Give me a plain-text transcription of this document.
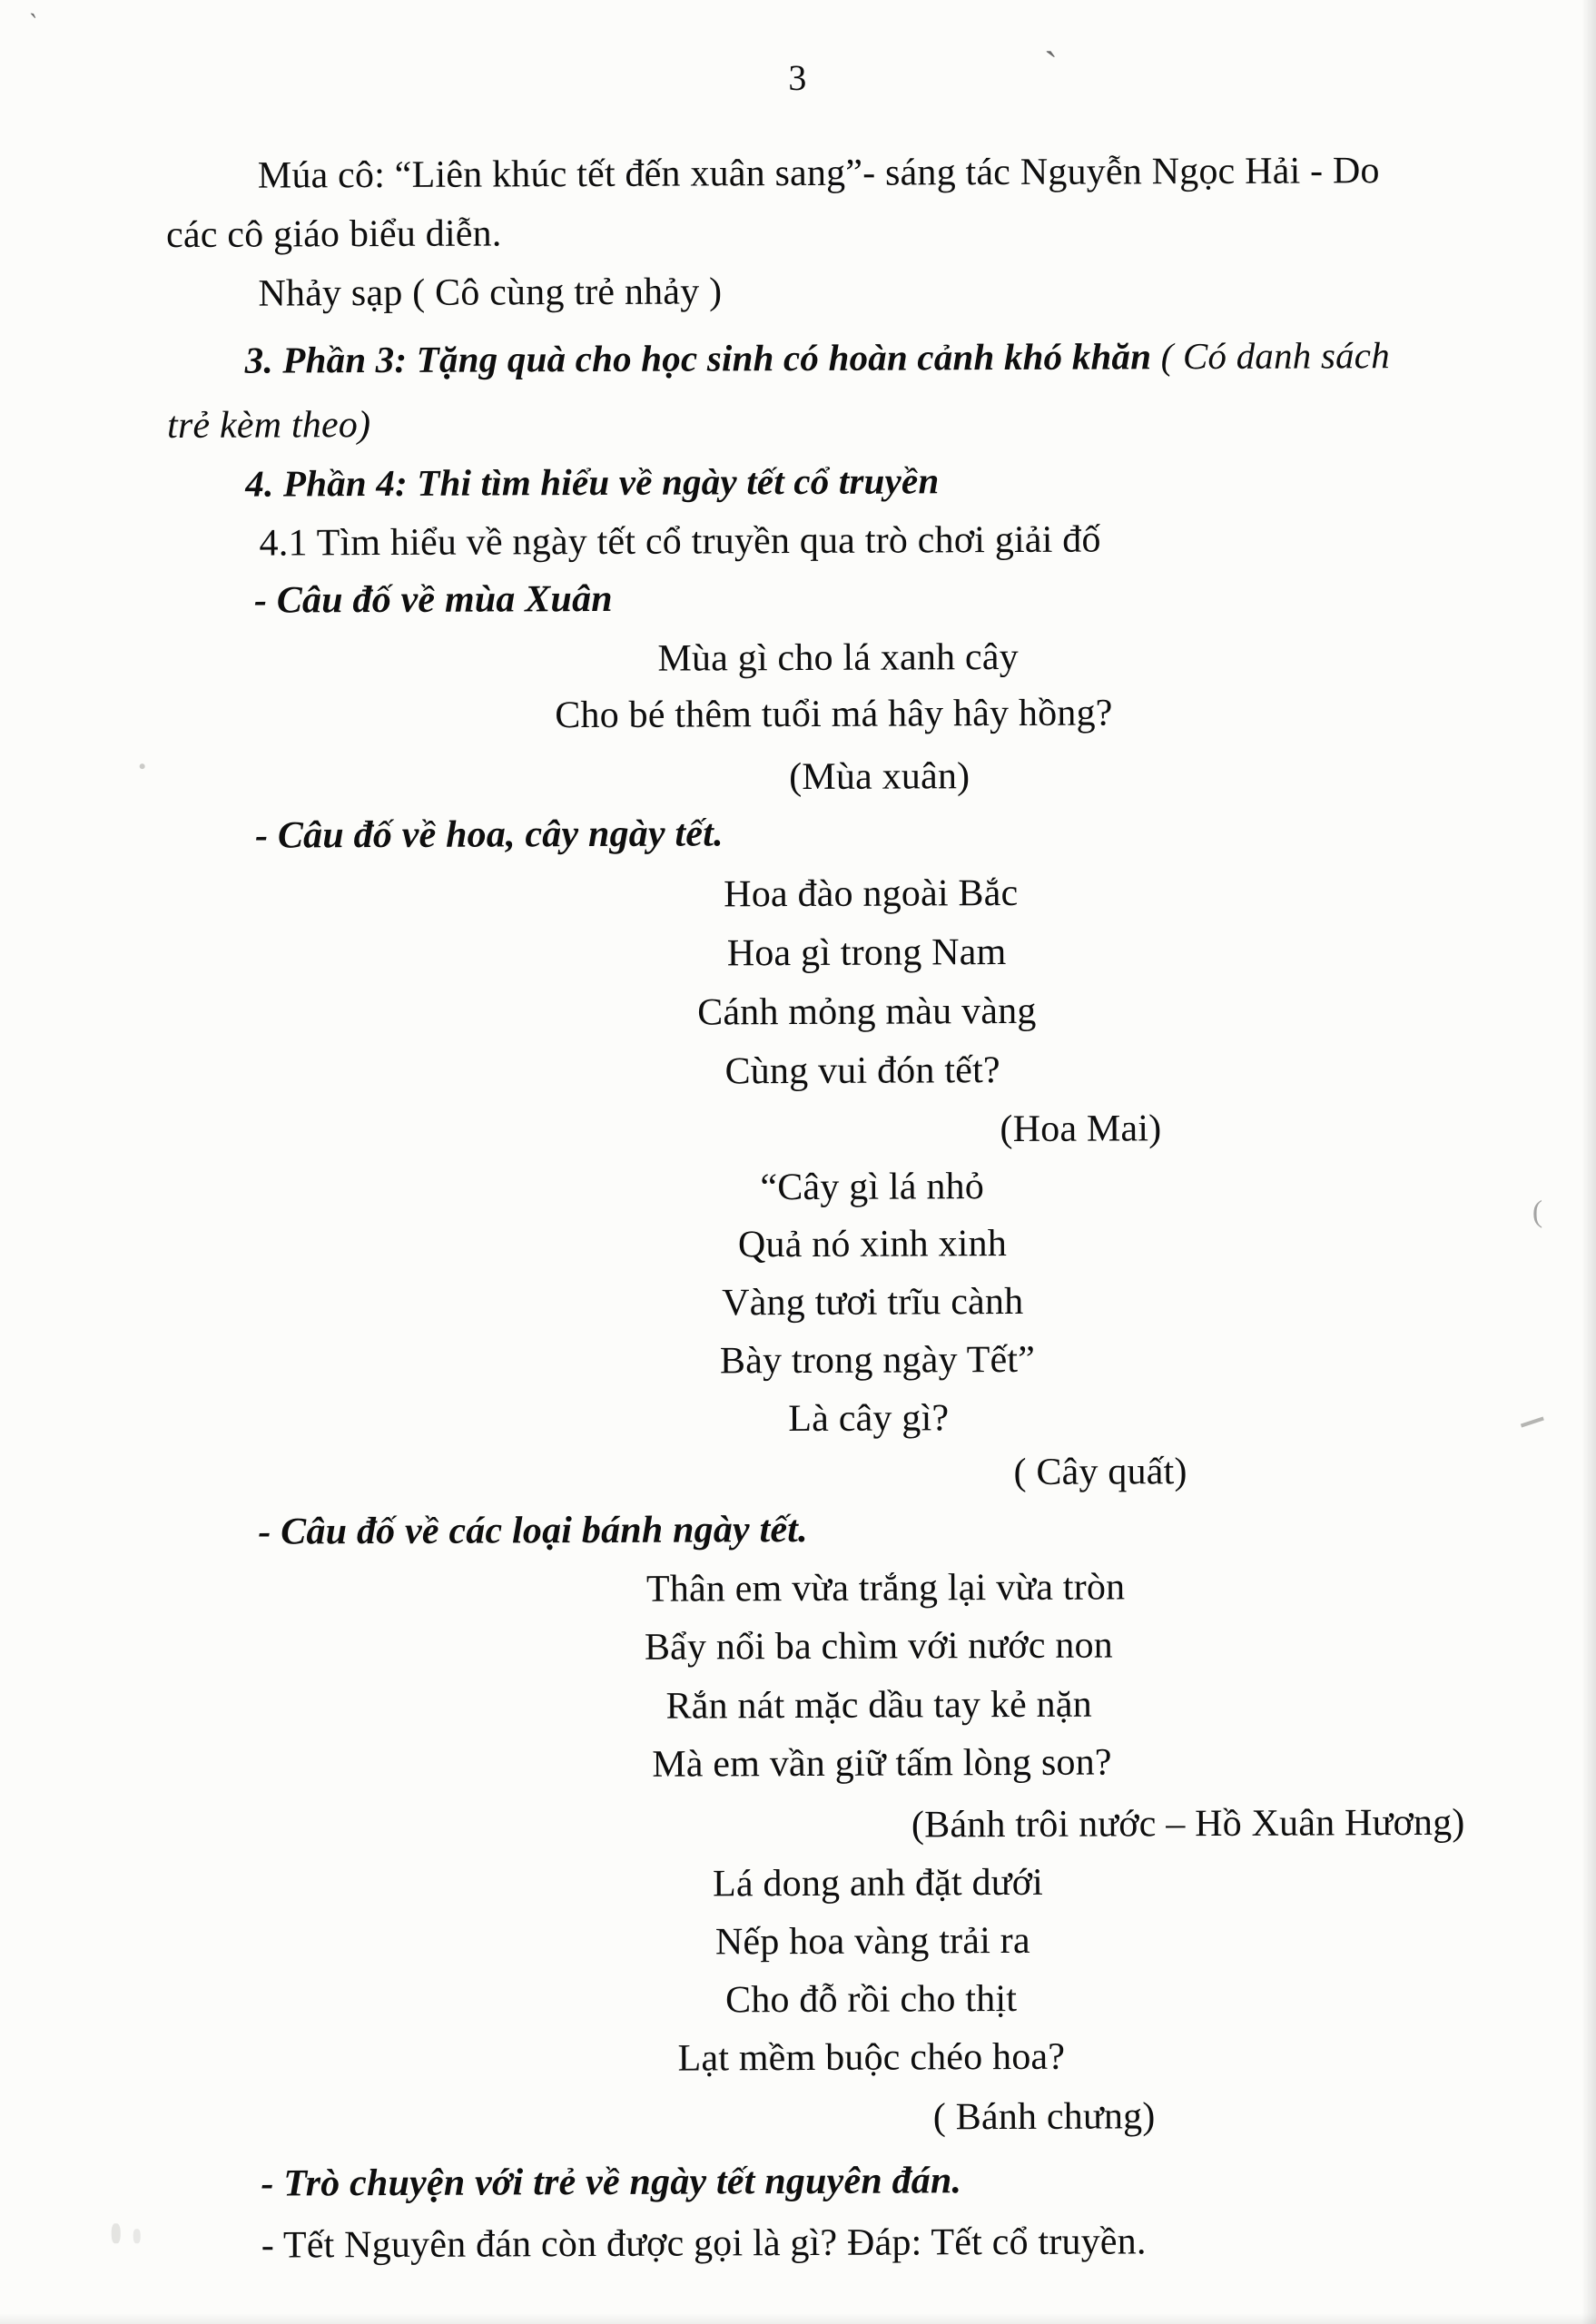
`
`
(
3
Múa cô: “Liên khúc tết đến xuân sang”- sáng tác Nguyễn Ngọc Hải - Do
các cô giáo biểu diễn.
Nhảy sạp ( Cô cùng trẻ nhảy )
3. Phần 3: Tặng quà cho học sinh có hoàn cảnh khó khăn ( Có danh sách
trẻ kèm theo)
4. Phần 4: Thi tìm hiểu về ngày tết cổ truyền
4.1 Tìm hiểu về ngày tết cổ truyền qua trò chơi giải đố
- Câu đố về mùa Xuân
Mùa gì cho lá xanh cây
Cho bé thêm tuổi má hây hây hồng?
(Mùa xuân)
- Câu đố về hoa, cây ngày tết.
Hoa đào ngoài Bắc
Hoa gì trong Nam
Cánh mỏng màu vàng
Cùng vui đón tết?
(Hoa Mai)
“Cây gì lá nhỏ
Quả nó xinh xinh
Vàng tươi trĩu cành
Bày trong ngày Tết”
Là cây gì?
( Cây quất)
- Câu đố về các loại bánh ngày tết.
Thân em vừa trắng lại vừa tròn
Bẩy nổi ba chìm với nước non
Rắn nát mặc dầu tay kẻ nặn
Mà em vần giữ tấm lòng son?
(Bánh trôi nước – Hồ Xuân Hương)
Lá dong anh đặt dưới
Nếp hoa vàng trải ra
Cho đỗ rồi cho thịt
Lạt mềm buộc chéo hoa?
( Bánh chưng)
- Trò chuyện với trẻ về ngày tết nguyên đán.
- Tết Nguyên đán còn được gọi là gì? Đáp: Tết cổ truyền.
